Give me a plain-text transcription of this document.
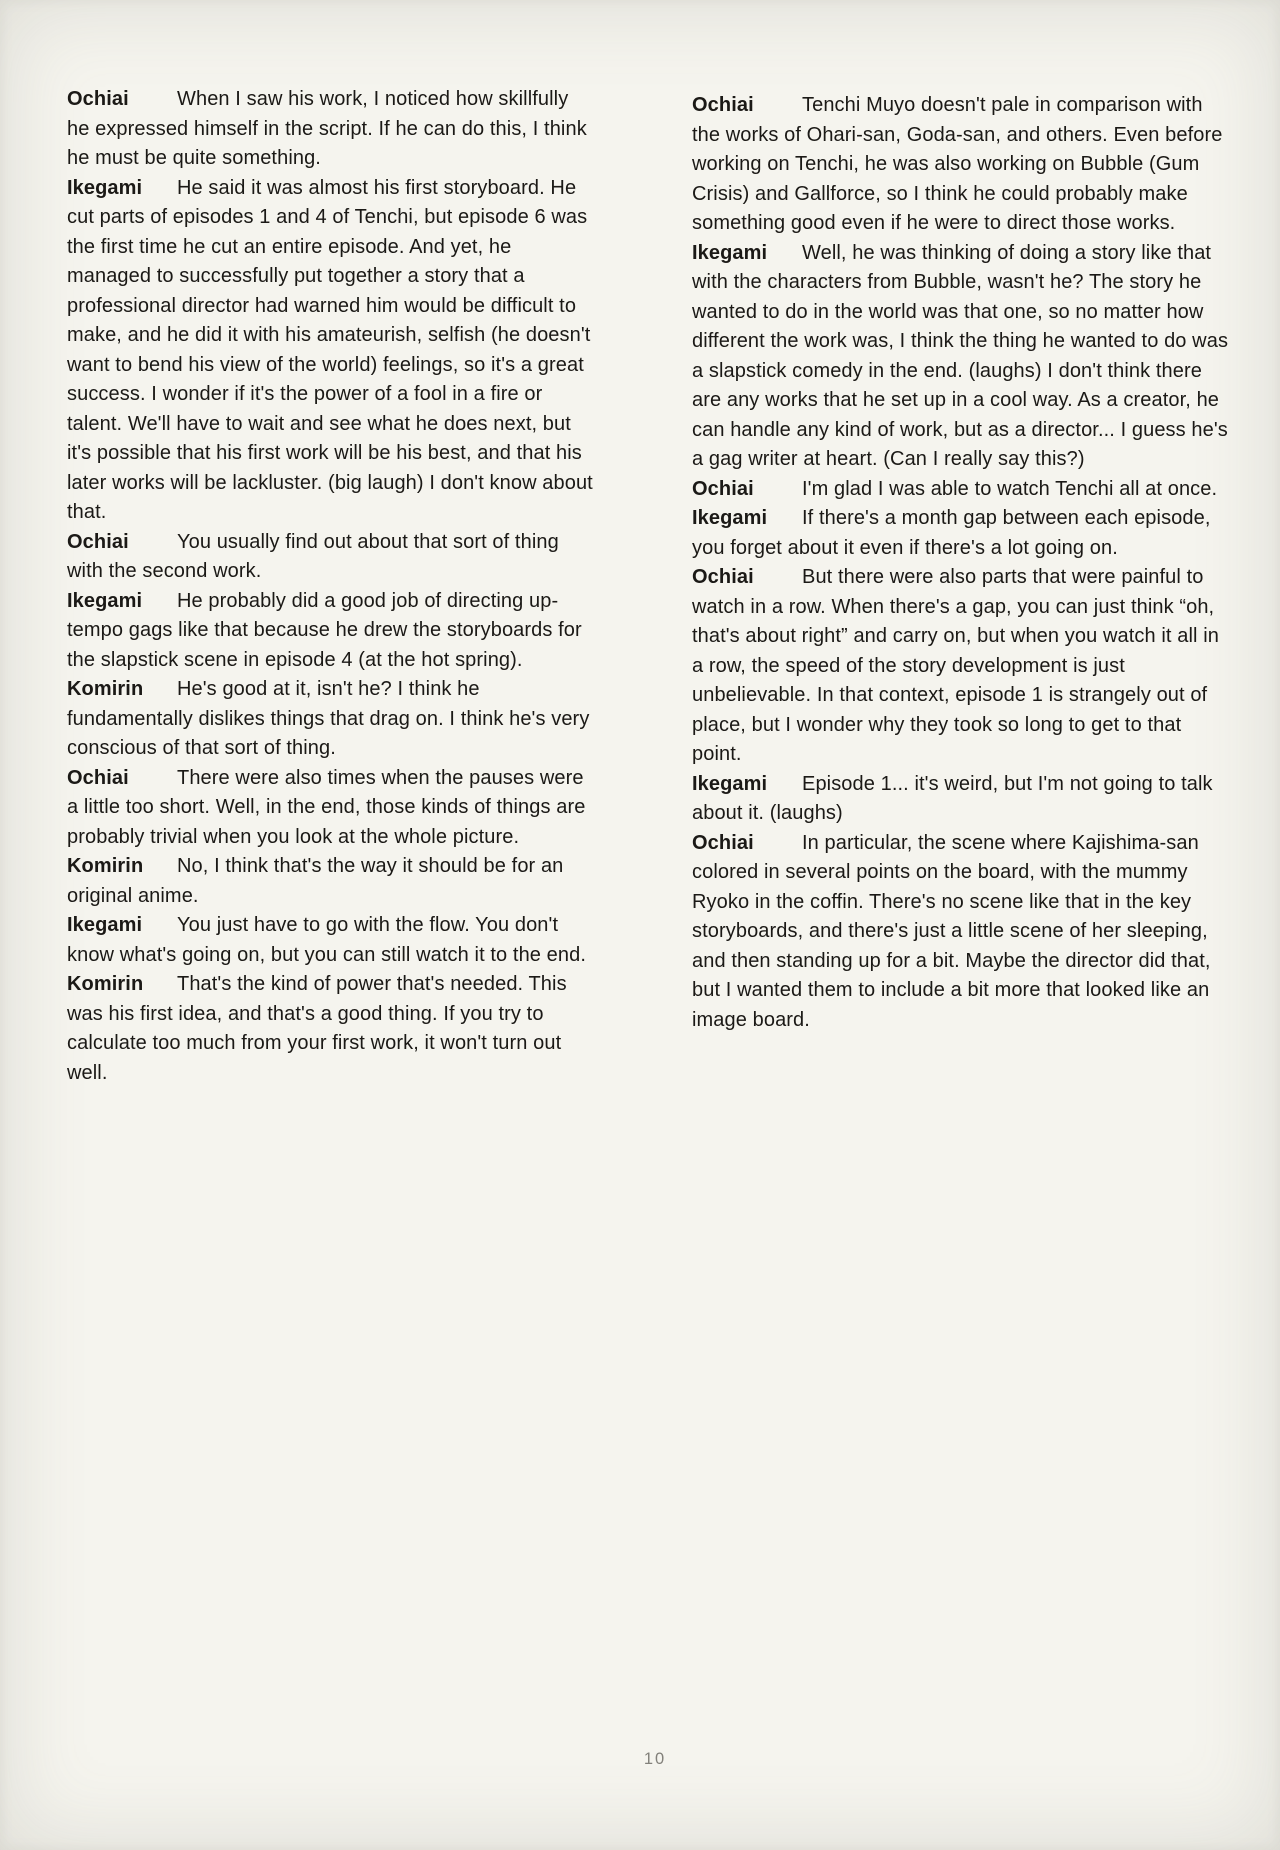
Ochiai When I saw his work, I noticed how skillfully he expressed himself in the script. If he can do this, I think he must be quite something.

Ikegami He said it was almost his first storyboard. He cut parts of episodes 1 and 4 of Tenchi, but episode 6 was the first time he cut an entire episode. And yet, he managed to successfully put together a story that a professional director had warned him would be difficult to make, and he did it with his amateurish, selfish (he doesn't want to bend his view of the world) feelings, so it's a great success. I wonder if it's the power of a fool in a fire or talent. We'll have to wait and see what he does next, but it's possible that his first work will be his best, and that his later works will be lackluster. (big laugh) I don't know about that.

Ochiai You usually find out about that sort of thing with the second work.

Ikegami He probably did a good job of directing up-tempo gags like that because he drew the storyboards for the slapstick scene in episode 4 (at the hot spring).

Komirin He's good at it, isn't he? I think he fundamentally dislikes things that drag on. I think he's very conscious of that sort of thing.

Ochiai There were also times when the pauses were a little too short. Well, in the end, those kinds of things are probably trivial when you look at the whole picture.

Komirin No, I think that's the way it should be for an original anime.

Ikegami You just have to go with the flow. You don't know what's going on, but you can still watch it to the end.

Komirin That's the kind of power that's needed. This was his first idea, and that's a good thing. If you try to calculate too much from your first work, it won't turn out well.

Ochiai Tenchi Muyo doesn't pale in comparison with the works of Ohari-san, Goda-san, and others. Even before working on Tenchi, he was also working on Bubble (Gum Crisis) and Gallforce, so I think he could probably make something good even if he were to direct those works.

Ikegami Well, he was thinking of doing a story like that with the characters from Bubble, wasn't he? The story he wanted to do in the world was that one, so no matter how different the work was, I think the thing he wanted to do was a slapstick comedy in the end. (laughs) I don't think there are any works that he set up in a cool way. As a creator, he can handle any kind of work, but as a director... I guess he's a gag writer at heart. (Can I really say this?)

Ochiai I'm glad I was able to watch Tenchi all at once.

Ikegami If there's a month gap between each episode, you forget about it even if there's a lot going on.

Ochiai But there were also parts that were painful to watch in a row. When there's a gap, you can just think “oh, that's about right” and carry on, but when you watch it all in a row, the speed of the story development is just unbelievable. In that context, episode 1 is strangely out of place, but I wonder why they took so long to get to that point.

Ikegami Episode 1... it's weird, but I'm not going to talk about it. (laughs)

Ochiai In particular, the scene where Kajishima-san colored in several points on the board, with the mummy Ryoko in the coffin. There's no scene like that in the key storyboards, and there's just a little scene of her sleeping, and then standing up for a bit. Maybe the director did that, but I wanted them to include a bit more that looked like an image board.

10
